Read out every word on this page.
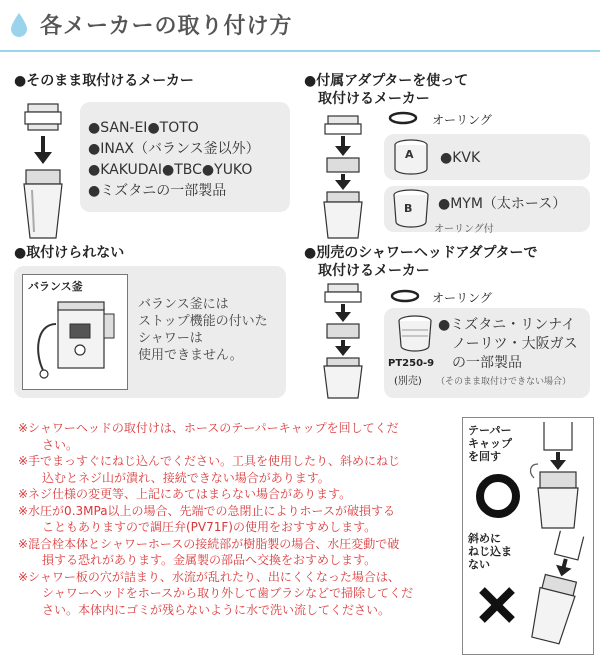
各メーカーの取り付け方
●そのまま取付けるメーカー
●SAN-EI●TOTO
●INAX（バランス釜以外）
●KAKUDAI●TBC●YUKO
●ミズタニの一部製品
●付属アダプターを使って
取付けるメーカー
オーリング
A ●KVK
B ●MYM（太ホース）
オーリング付
●取付けられない
バランス釜
バランス釜には
ストップ機能の付いた
シャワーは
使用できません。
●別売のシャワーヘッドアダプターで
取付けるメーカー
オーリング
PT250-9
(別売)
●ミズタニ・リンナイ
ノーリツ・大阪ガス
の一部製品
（そのまま取付けできない場合）
※シャワーヘッドの取付けは、ホースのテーパーキャップを回してくだ
さい。
※手でまっすぐにねじ込んでください。工具を使用したり、斜めにねじ
込むとネジ山が潰れ、接続できない場合があります。
※ネジ仕様の変更等、上記にあてはまらない場合があります。
※水圧が0.3MPa以上の場合、先端での急閉止によりホースが破損する
こともありますので調圧弁(PV71F)の使用をおすすめします。
※混合栓本体とシャワーホースの接続部が樹脂製の場合、水圧変動で破
損する恐れがあります。金属製の部品へ交換をおすめします。
※シャワー板の穴が詰まり、水流が乱れたり、出にくくなった場合は、
シャワーヘッドをホースから取り外して歯ブラシなどで掃除してくだ
さい。本体内にゴミが残らないように水で洗い流してください。
テーパー
キャップ
を回す
斜めに
ねじ込ま
ない
